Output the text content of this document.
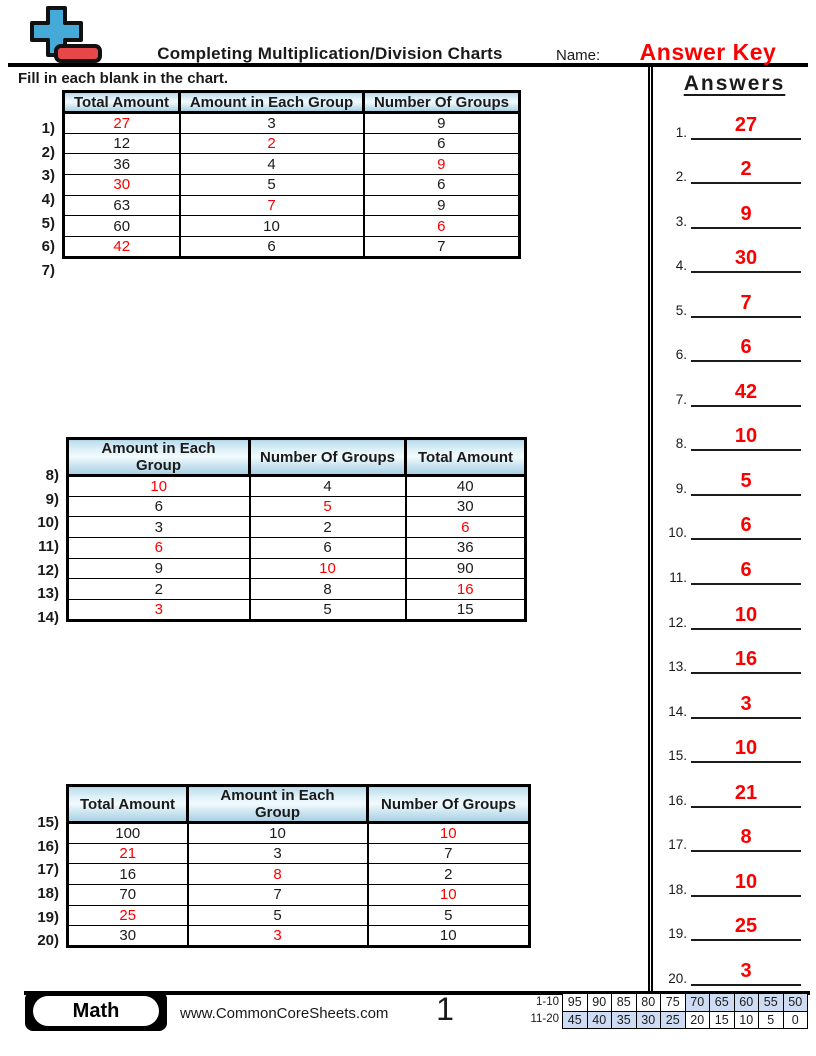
Completing Multiplication/Division Charts	Name:	Answer Key
Fill in each blank in the chart.	Answers
1.	27
2.	2
3.	9
4.	30
5.	7
6.	6
7.	42
8.	10
9.	5
10.	6
11.	6
12.	10
13.	16
14.	3
15.	10
16.	21
17.	8
18.	10
19.	25
20.	3
1)
2)
3)
4)
5)
6)
7)
Total Amount	Amount in Each Group	Number Of Groups
27	3	9
12	2	6
36	4	9
30	5	6
63	7	9
60	10	6
42	6	7
8)
9)
10)
11)
12)
13)
14)
Amount in Each Group	Number Of Groups	Total Amount
10	4	40
6	5	30
3	2	6
6	6	36
9	10	90
2	8	16
3	5	15
15)
16)
17)
18)
19)
20)
Total Amount	Amount in Each Group	Number Of Groups
100	10	10
21	3	7
16	8	2
70	7	10
25	5	5
30	3	10
Math	www.CommonCoreSheets.com	1	1-10
11-20
95	90	85	80	75	70	65	60	55	50
45	40	35	30	25	20	15	10	5	0
